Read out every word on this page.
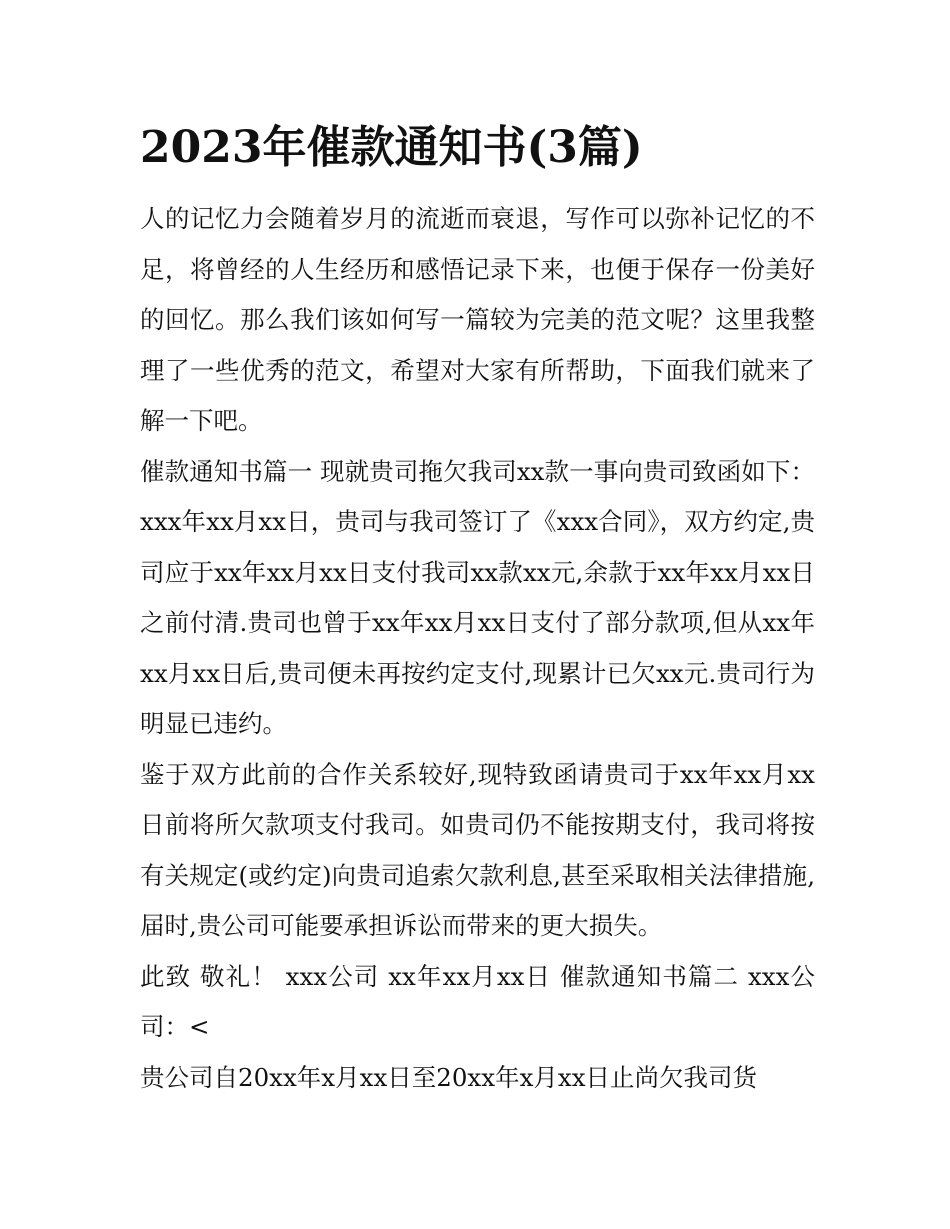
2023年催款通知书(3篇)

人的记忆力会随着岁月的流逝而衰退，写作可以弥补记忆的不足，将曾经的人生经历和感悟记录下来，也便于保存一份美好的回忆。那么我们该如何写一篇较为完美的范文呢？这里我整理了一些优秀的范文，希望对大家有所帮助，下面我们就来了解一下吧。

催款通知书篇一 现就贵司拖欠我司xx款一事向贵司致函如下：xxx年xx月xx日，贵司与我司签订了《xxx合同》，双方约定,贵司应于xx年xx月xx日支付我司xx款xx元,余款于xx年xx月xx日之前付清.贵司也曾于xx年xx月xx日支付了部分款项,但从xx年xx月xx日后,贵司便未再按约定支付,现累计已欠xx元.贵司行为明显已违约。

鉴于双方此前的合作关系较好,现特致函请贵司于xx年xx月xx日前将所欠款项支付我司。如贵司仍不能按期支付，我司将按有关规定(或约定)向贵司追索欠款利息,甚至采取相关法律措施,届时,贵公司可能要承担诉讼而带来的更大损失。

此致 敬礼！ xxx公司 xx年xx月xx日 催款通知书篇二 xxx公司：<

贵公司自20xx年x月xx日至20xx年x月xx日止尚欠我司货
